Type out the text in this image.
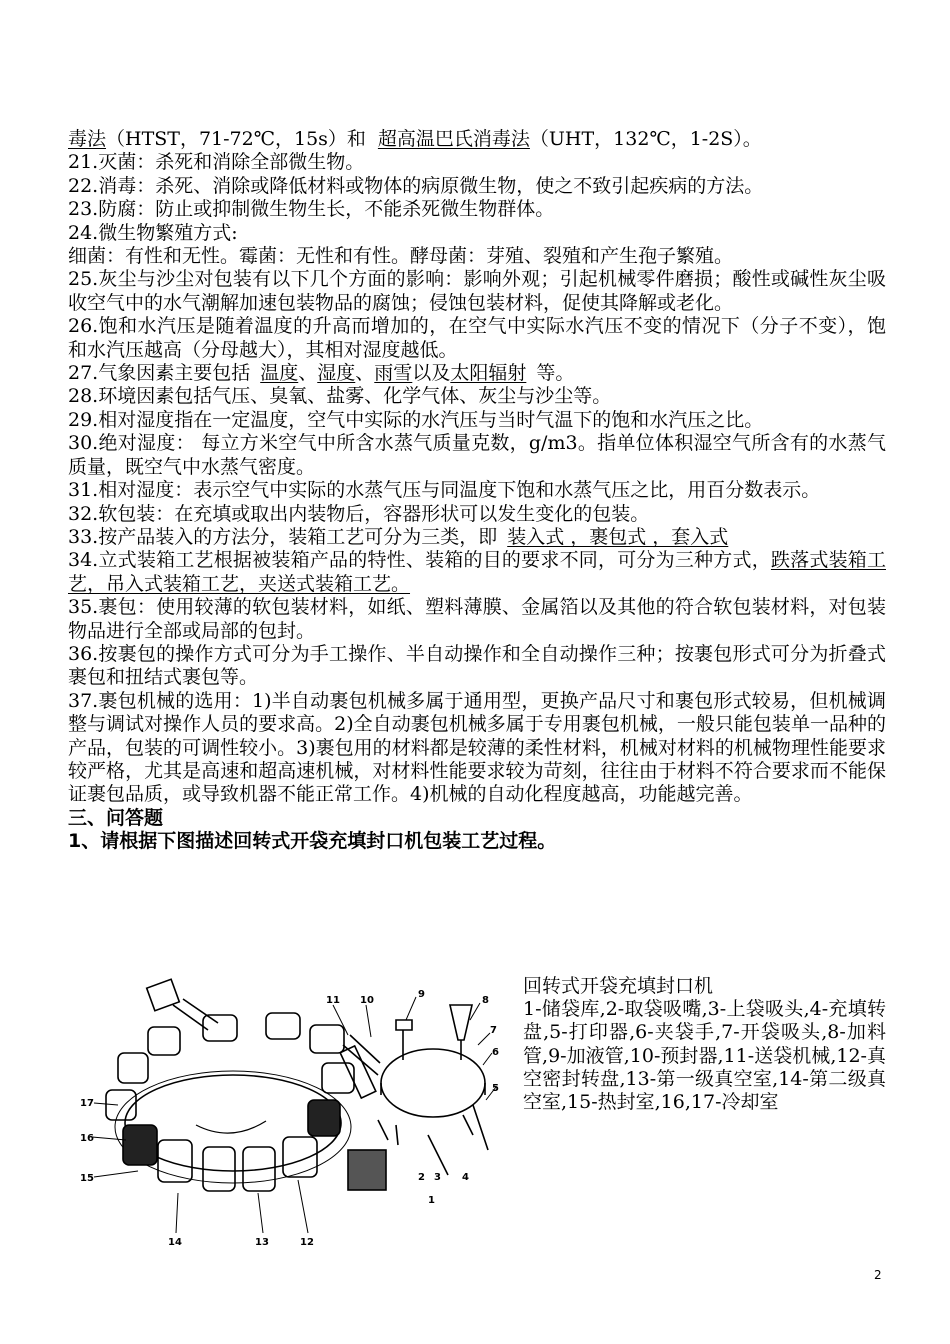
毒法（HTST，71-72℃，15s）和 超高温巴氏消毒法（UHT，132℃，1-2S）。

21.灭菌：杀死和消除全部微生物。

22.消毒：杀死、消除或降低材料或物体的病原微生物，使之不致引起疾病的方法。

23.防腐：防止或抑制微生物生长，不能杀死微生物群体。

24.微生物繁殖方式:

细菌：有性和无性。霉菌：无性和有性。酵母菌：芽殖、裂殖和产生孢子繁殖。

25.灰尘与沙尘对包装有以下几个方面的影响：影响外观；引起机械零件磨损；酸性或碱性灰尘吸收空气中的水气潮解加速包装物品的腐蚀；侵蚀包装材料，促使其降解或老化。

26.饱和水汽压是随着温度的升高而增加的，在空气中实际水汽压不变的情况下（分子不变），饱和水汽压越高（分母越大），其相对湿度越低。

27.气象因素主要包括 温度、湿度、雨雪以及太阳辐射 等。

28.环境因素包括气压、臭氧、盐雾、化学气体、灰尘与沙尘等。

29.相对湿度指在一定温度，空气中实际的水汽压与当时气温下的饱和水汽压之比。

30.绝对湿度： 每立方米空气中所含水蒸气质量克数，g/m3。指单位体积湿空气所含有的水蒸气质量，既空气中水蒸气密度。

31.相对湿度：表示空气中实际的水蒸气压与同温度下饱和水蒸气压之比，用百分数表示。

32.软包装：在充填或取出内装物后，容器形状可以发生变化的包装。

33.按产品装入的方法分，装箱工艺可分为三类，即 装入式 ，裹包式 ，套入式

34.立式装箱工艺根据被装箱产品的特性、装箱的目的要求不同，可分为三种方式，跌落式装箱工艺，吊入式装箱工艺，夹送式装箱工艺。

35.裹包：使用较薄的软包装材料，如纸、塑料薄膜、金属箔以及其他的符合软包装材料，对包装物品进行全部或局部的包封。

36.按裹包的操作方式可分为手工操作、半自动操作和全自动操作三种；按裹包形式可分为折叠式裹包和扭结式裹包等。

37.裹包机械的选用：1)半自动裹包机械多属于通用型，更换产品尺寸和裹包形式较易，但机械调整与调试对操作人员的要求高。2)全自动裹包机械多属于专用裹包机械，一般只能包装单一品种的产品，包装的可调性较小。3)裹包用的材料都是较薄的柔性材料，机械对材料的机械物理性能要求较严格，尤其是高速和超高速机械，对材料性能要求较为苛刻，往往由于材料不符合要求而不能保证裹包品质，或导致机器不能正常工作。4)机械的自动化程度越高，功能越完善。

三、问答题

1、请根据下图描述回转式开袋充填封口机包装工艺过程。

1
2 3 4
5
6
7
8
9
10
11
12
13
14
15
16
17
回转式开袋充填封口机
1-储袋库,2-取袋吸嘴,3-上袋吸头,4-充填转盘,5-打印器,6-夹袋手,7-开袋吸头,8-加料管,9-加液管,10-预封器,11-送袋机械,12-真空密封转盘,13-第一级真空室,14-第二级真空室,15-热封室,16,17-冷却室
2
